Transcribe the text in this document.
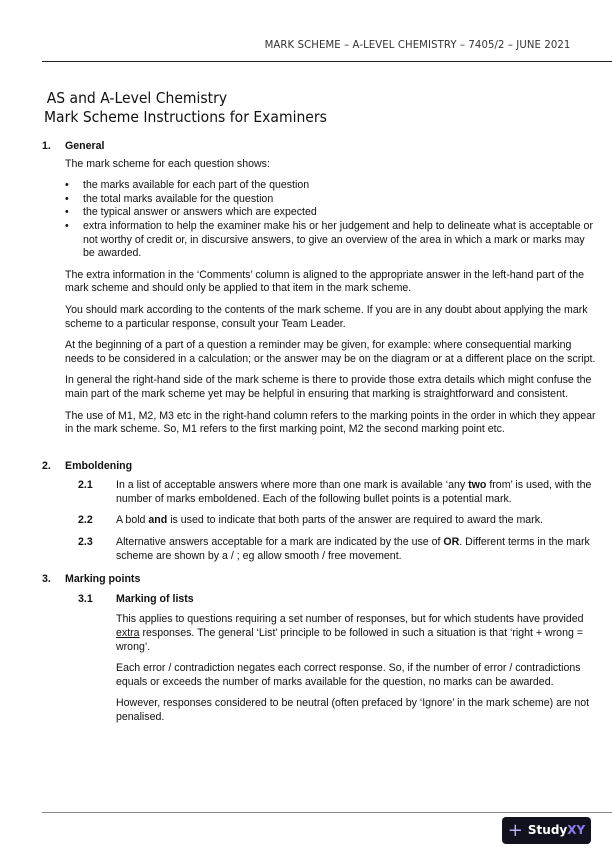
MARK SCHEME – A-LEVEL CHEMISTRY – 7405/2 – JUNE 2021
AS and A-Level Chemistry
Mark Scheme Instructions for Examiners

1. General

The mark scheme for each question shows:

• the marks available for each part of the question
• the total marks available for the question
• the typical answer or answers which are expected
• extra information to help the examiner make his or her judgement and help to delineate what is acceptable or not worthy of credit or, in discursive answers, to give an overview of the area in which a mark or marks may be awarded.

The extra information in the ‘Comments’ column is aligned to the appropriate answer in the left-hand part of the mark scheme and should only be applied to that item in the mark scheme.

You should mark according to the contents of the mark scheme. If you are in any doubt about applying the mark scheme to a particular response, consult your Team Leader.

At the beginning of a part of a question a reminder may be given, for example: where consequential marking needs to be considered in a calculation; or the answer may be on the diagram or at a different place on the script.

In general the right-hand side of the mark scheme is there to provide those extra details which might confuse the main part of the mark scheme yet may be helpful in ensuring that marking is straightforward and consistent.

The use of M1, M2, M3 etc in the right-hand column refers to the marking points in the order in which they appear in the mark scheme. So, M1 refers to the first marking point, M2 the second marking point etc.

2. Emboldening

2.1	In a list of acceptable answers where more than one mark is available ‘any two from’ is used, with the number of marks emboldened. Each of the following bullet points is a potential mark.
2.2	A bold and is used to indicate that both parts of the answer are required to award the mark.
2.3	Alternative answers acceptable for a mark are indicated by the use of OR. Different terms in the mark scheme are shown by a / ; eg allow smooth / free movement.

3. Marking points

3.1	Marking of lists

This applies to questions requiring a set number of responses, but for which students have provided extra responses. The general ‘List’ principle to be followed in such a situation is that ‘right + wrong = wrong’.

Each error / contradiction negates each correct response. So, if the number of error / contradictions equals or exceeds the number of marks available for the question, no marks can be awarded.

However, responses considered to be neutral (often prefaced by ‘Ignore’ in the mark scheme) are not penalised.

+ StudyXY
